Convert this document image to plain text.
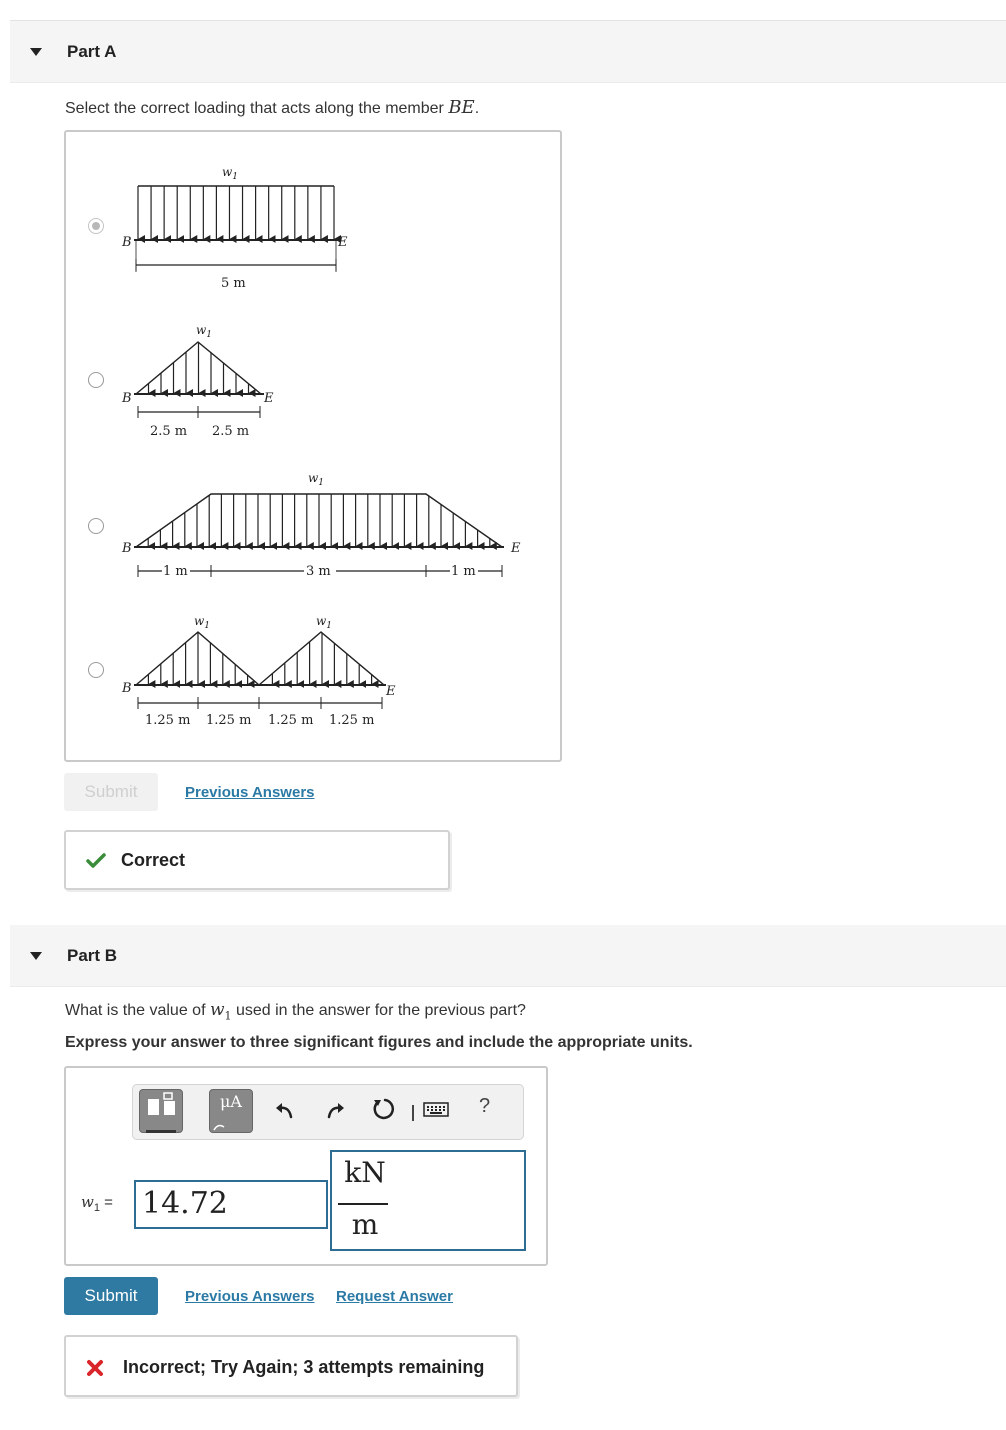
Part A
Select the correct loading that acts along the member BE.
$w_1$
B	E
5 m
$w_1$
B	E
2.5 m 2.5 m
$w_1$
B	E
1 m	3 m	1 m
$w_1$	$w_1$
B	E
1.25 m 1.25 m 1.25 m 1.25 m
Submit	Previous Answers
Correct
Part B
What is the value of $w_1$ used in the answer for the previous part?
Express your answer to three significant figures and include the appropriate units.
μA	?
$w_1 = 14.72$
kN
m
Submit	Previous Answers Request Answer
Incorrect; Try Again; 3 attempts remaining
